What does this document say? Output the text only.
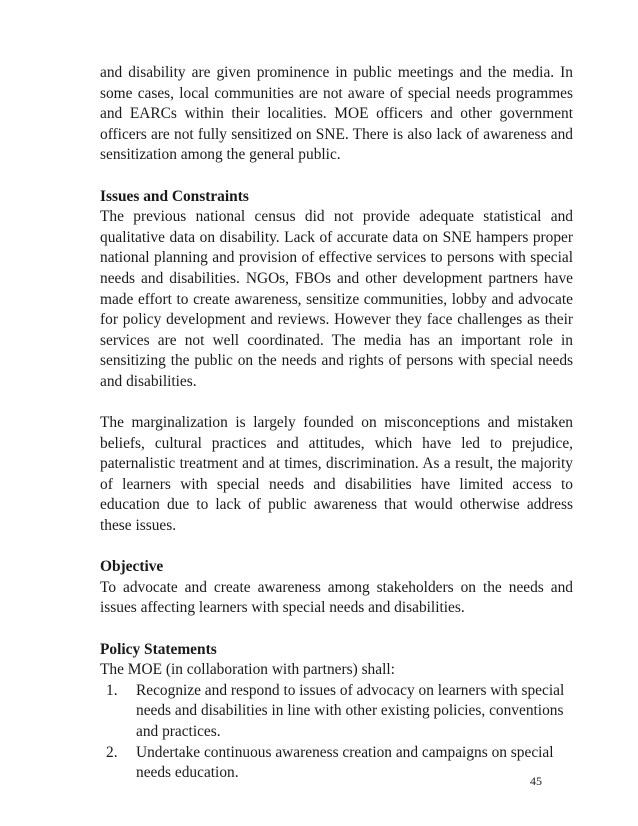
and disability are given prominence in public meetings and the media. In some cases, local communities are not aware of special needs programmes and EARCs within their localities. MOE officers and other government officers are not fully sensitized on SNE. There is also lack of awareness and sensitization among the general public.

Issues and Constraints

The previous national census did not provide adequate statistical and qualitative data on disability. Lack of accurate data on SNE hampers proper national planning and provision of effective services to persons with special needs and disabilities. NGOs, FBOs and other development partners have made effort to create awareness, sensitize communities, lobby and advocate for policy development and reviews. However they face challenges as their services are not well coordinated. The media has an important role in sensitizing the public on the needs and rights of persons with special needs and disabilities.

The marginalization is largely founded on misconceptions and mistaken beliefs, cultural practices and attitudes, which have led to prejudice, paternalistic treatment and at times, discrimination. As a result, the majority of learners with special needs and disabilities have limited access to education due to lack of public awareness that would otherwise address these issues.

Objective

To advocate and create awareness among stakeholders on the needs and issues affecting learners with special needs and disabilities.

Policy Statements

The MOE (in collaboration with partners) shall:

1. Recognize and respond to issues of advocacy on learners with special needs and disabilities in line with other existing policies, conventions and practices.
2. Undertake continuous awareness creation and campaigns on special needs education.	45
